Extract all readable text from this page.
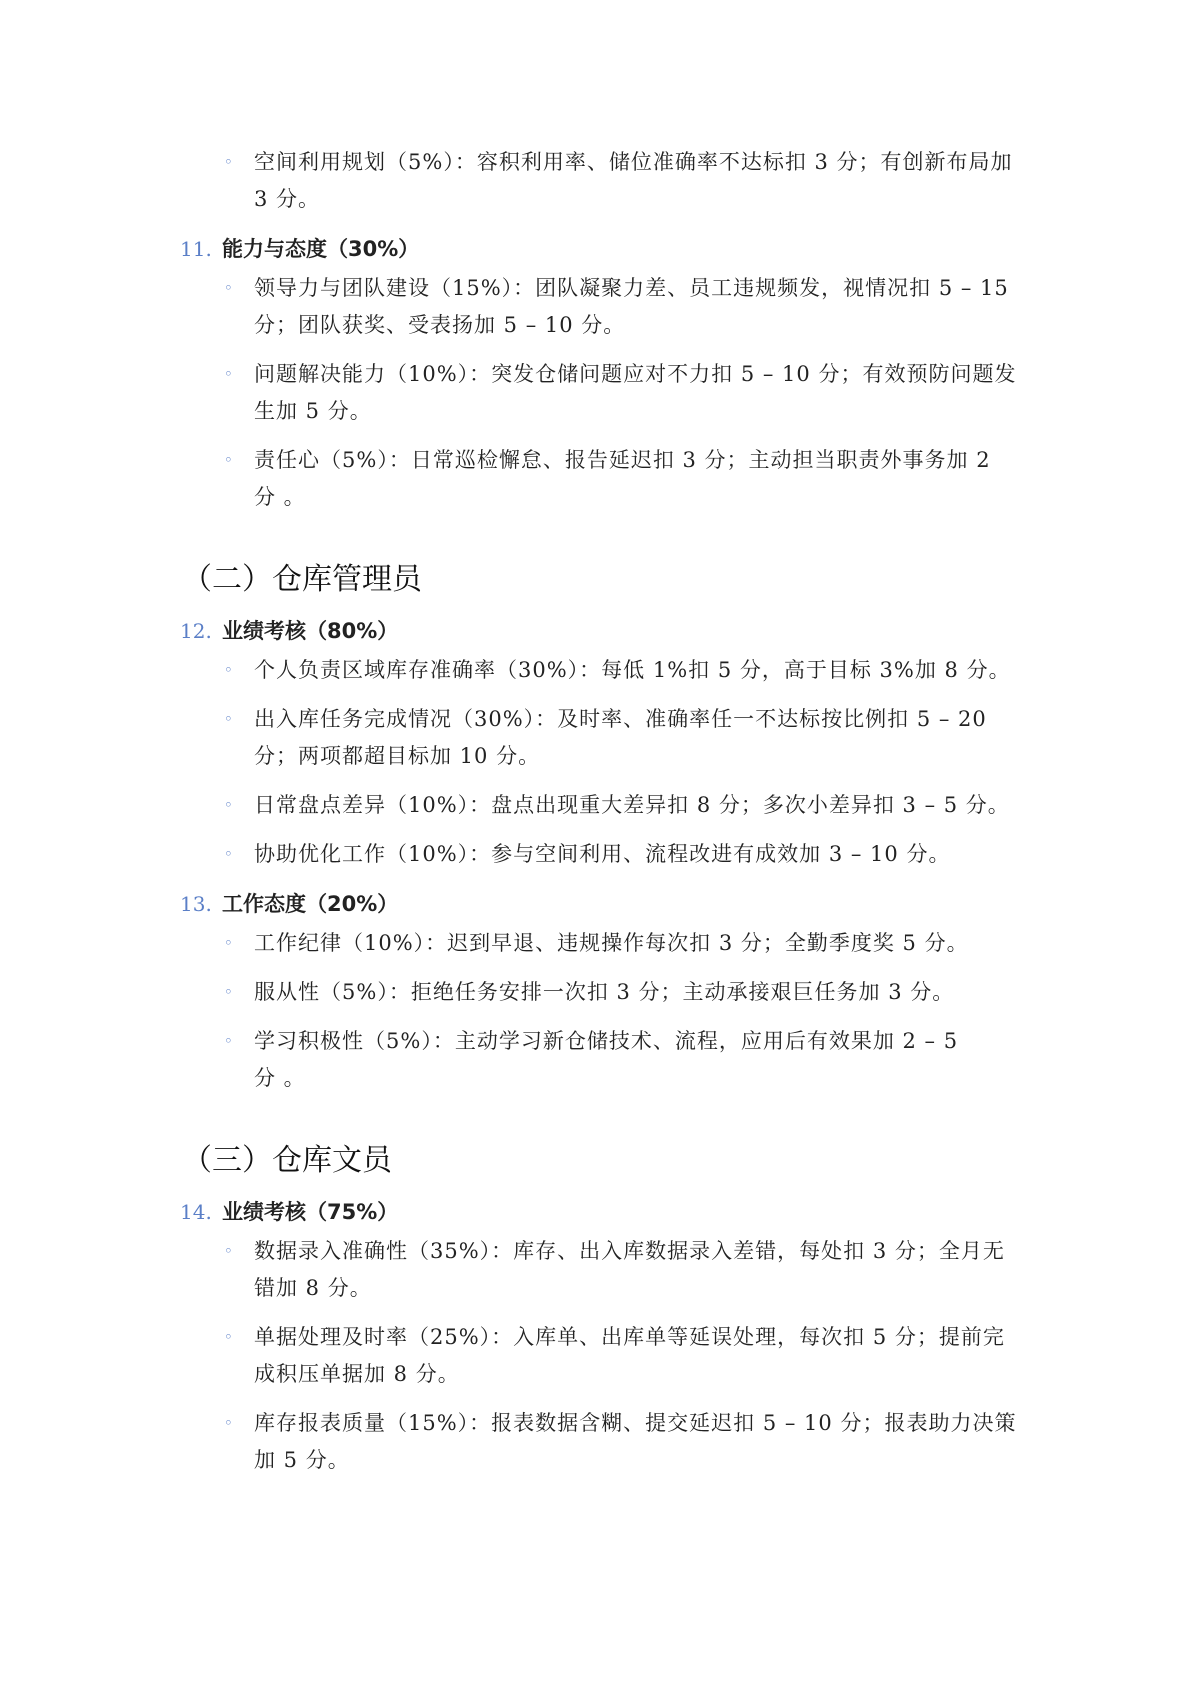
◦ 空间利用规划（5%）：容积利用率、储位准确率不达标扣 3 分；有创新布局加
3 分。
11. 能力与态度（30%）
◦ 领导力与团队建设（15%）：团队凝聚力差、员工违规频发，视情况扣 5 – 15
分；团队获奖、受表扬加 5 – 10 分。
◦ 问题解决能力（10%）：突发仓储问题应对不力扣 5 – 10 分；有效预防问题发
生加 5 分。
◦ 责任心（5%）：日常巡检懈怠、报告延迟扣 3 分；主动担当职责外事务加 2
分 。
（二）仓库管理员
12. 业绩考核（80%）
◦ 个人负责区域库存准确率（30%）：每低 1%扣 5 分，高于目标 3%加 8 分。
◦ 出入库任务完成情况（30%）：及时率、准确率任一不达标按比例扣 5 – 20
分；两项都超目标加 10 分。
◦ 日常盘点差异（10%）：盘点出现重大差异扣 8 分；多次小差异扣 3 – 5 分。
◦ 协助优化工作（10%）：参与空间利用、流程改进有成效加 3 – 10 分。
13. 工作态度（20%）
◦ 工作纪律（10%）：迟到早退、违规操作每次扣 3 分；全勤季度奖 5 分。
◦ 服从性（5%）：拒绝任务安排一次扣 3 分；主动承接艰巨任务加 3 分。
◦ 学习积极性（5%）：主动学习新仓储技术、流程，应用后有效果加 2 – 5
分 。
（三）仓库文员
14. 业绩考核（75%）
◦ 数据录入准确性（35%）：库存、出入库数据录入差错，每处扣 3 分；全月无
错加 8 分。
◦ 单据处理及时率（25%）：入库单、出库单等延误处理，每次扣 5 分；提前完
成积压单据加 8 分。
◦ 库存报表质量（15%）：报表数据含糊、提交延迟扣 5 – 10 分；报表助力决策
加 5 分。
